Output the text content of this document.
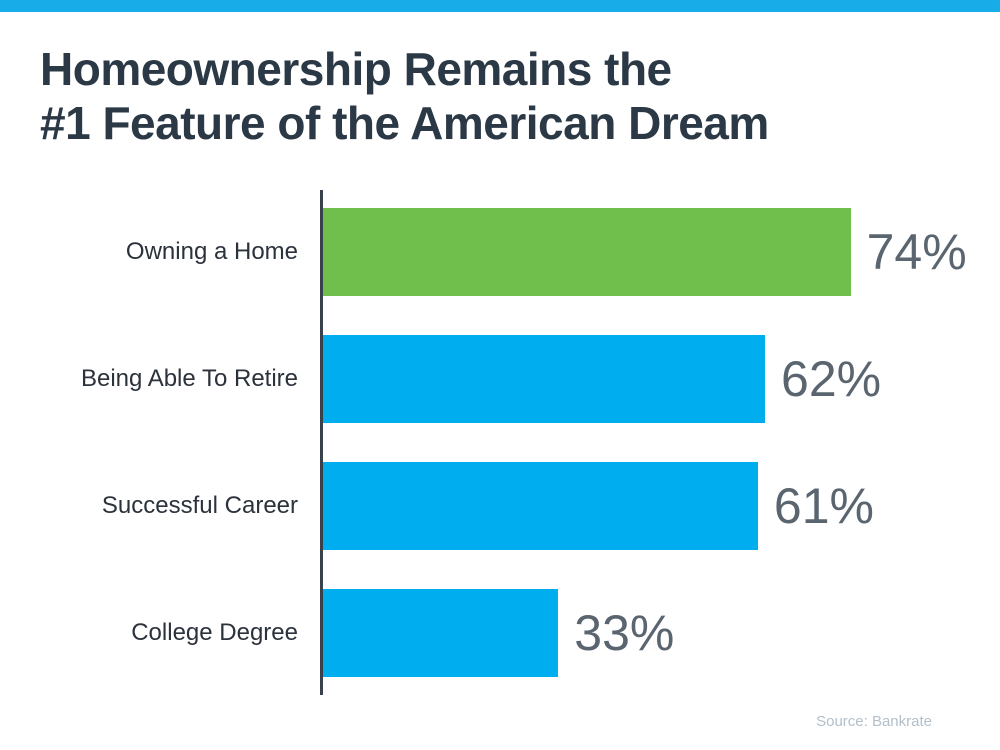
Homeownership Remains the
#1 Feature of the American Dream
Owning a Home	74%
Being Able To Retire	62%
Successful Career	61%
College Degree	33%
Source: Bankrate
